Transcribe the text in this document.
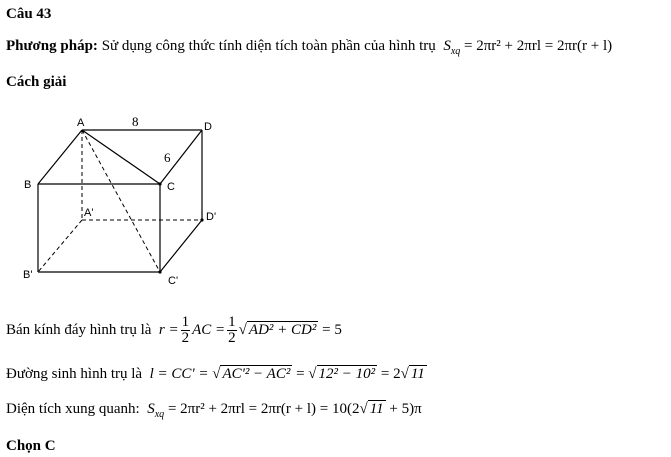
Câu 43
Phương pháp: Sử dụng công thức tính diện tích toàn phần của hình trụ $S_{xq} = 2\pi r^2 + 2\pi rl = 2\pi r(r + l)$
Cách giải
A
B	C
D
A'
B'	C'
D'
8
6
Bán kính đáy hình trụ là $r = \frac{1}{2}$ AC = $\frac{1}{2}$ √ AD² + CD² = 5
Đường sinh hình trụ là l = CC' = √ AC'² − AC² = √ 12² − 10² = 2√ 11
Diện tích xung quanh: $S_{xq} = 2\pi r^2 + 2\pi rl = 2\pi r(r + l) = 10(2√$ 11 + 5)π
Chọn C
